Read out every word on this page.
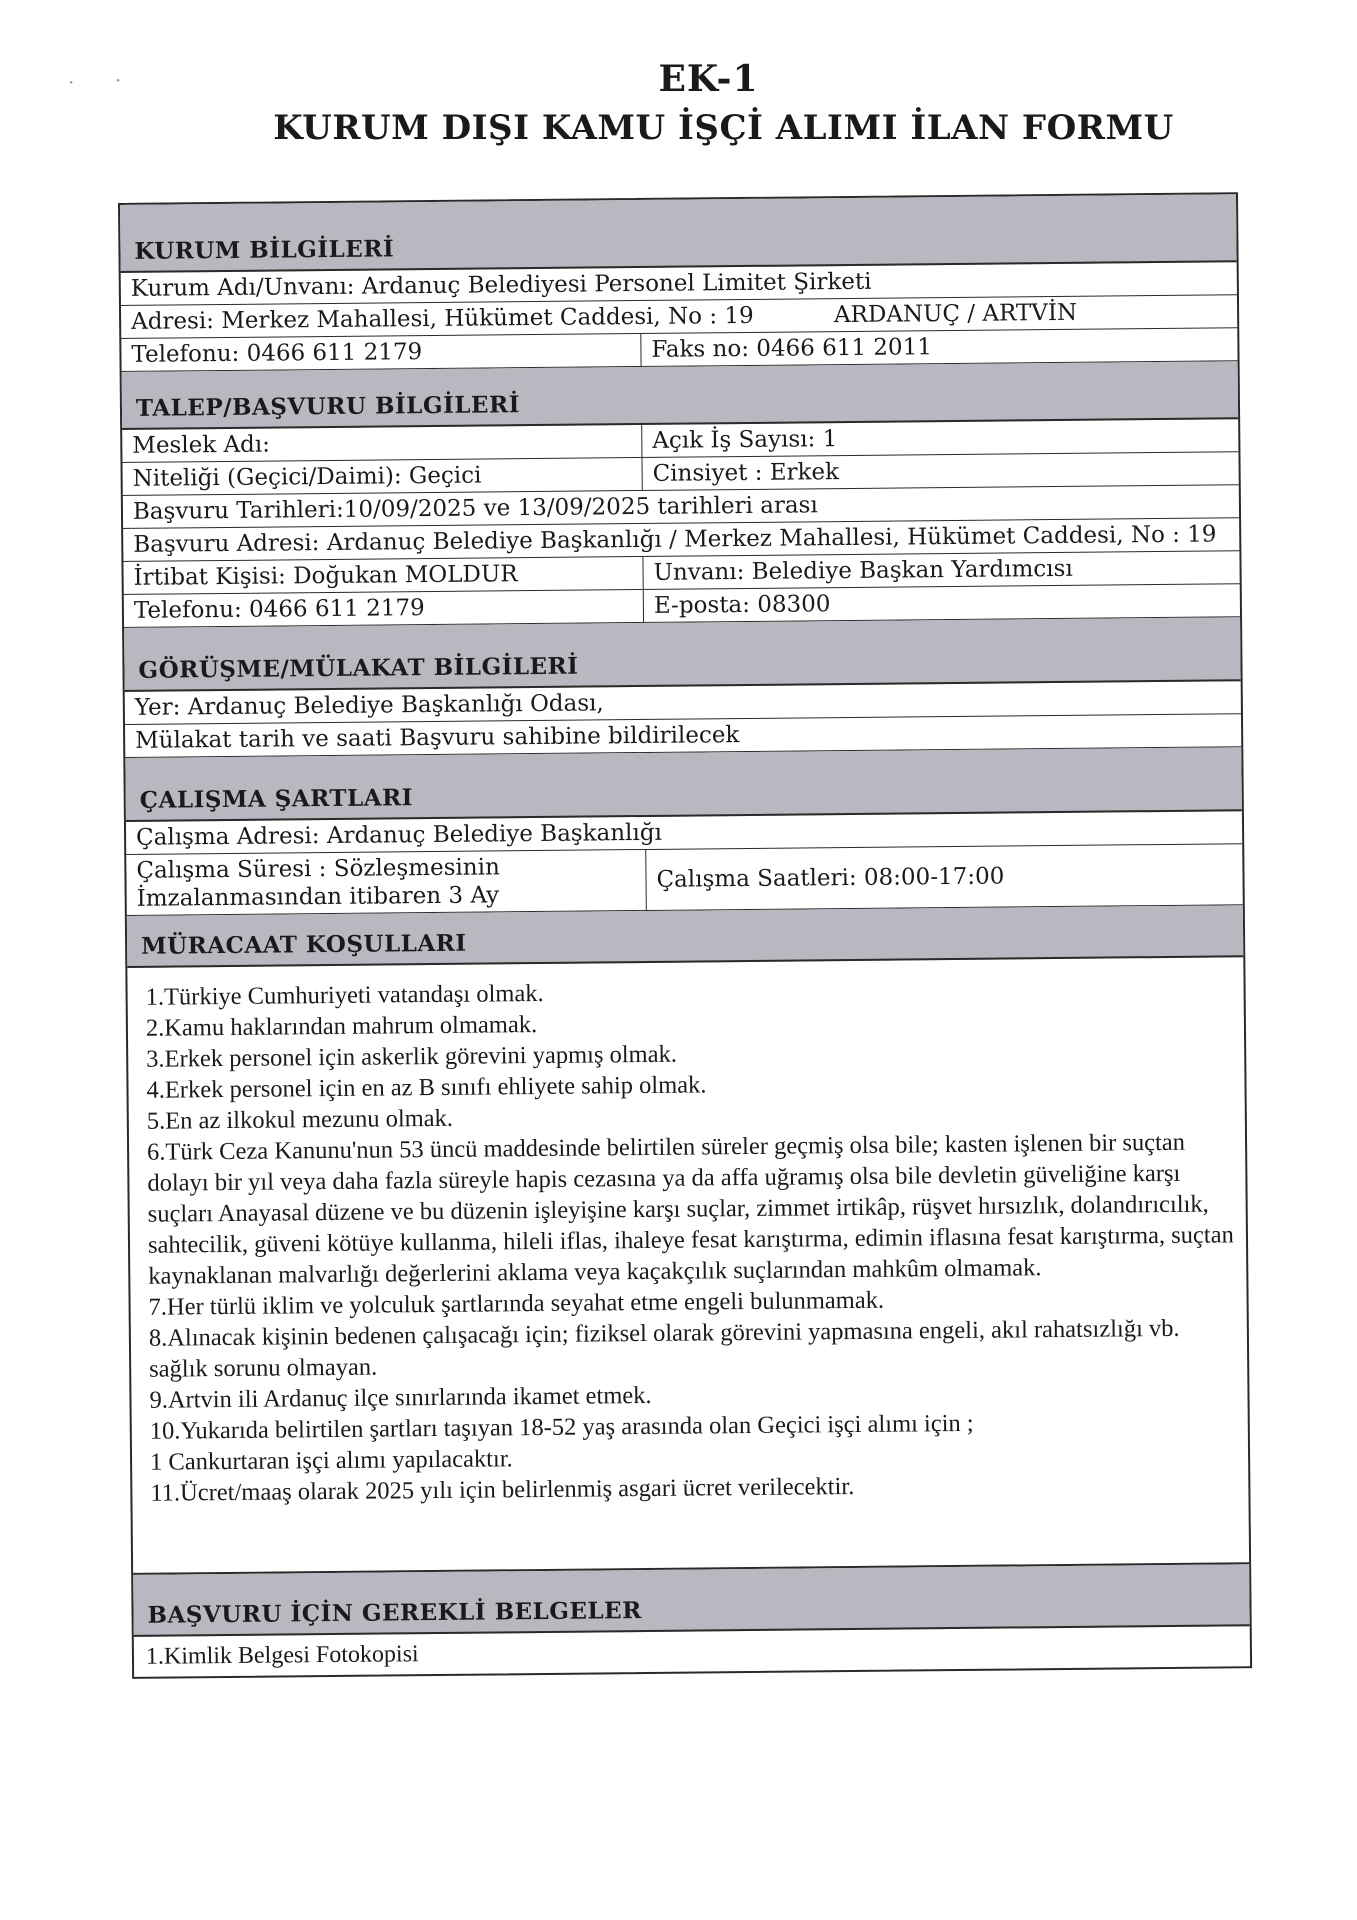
· ·	EK-1
KURUM DIŞI KAMU İŞÇİ ALIMI İLAN FORMU
KURUM BİLGİLERİ
Kurum Adı/Unvanı: Ardanuç Belediyesi Personel Limitet Şirketi
Adresi: Merkez Mahallesi, Hükümet Caddesi, No : 19	ARDANUÇ / ARTVİN
Telefonu: 0466 611 2179	Faks no: 0466 611 2011
TALEP/BAŞVURU BİLGİLERİ
Meslek Adı:	Açık İş Sayısı: 1
Niteliği (Geçici/Daimi): Geçici	Cinsiyet : Erkek
Başvuru Tarihleri:10/09/2025 ve 13/09/2025 tarihleri arası
Başvuru Adresi: Ardanuç Belediye Başkanlığı / Merkez Mahallesi, Hükümet Caddesi, No : 19
İrtibat Kişisi: Doğukan MOLDUR	Unvanı: Belediye Başkan Yardımcısı
Telefonu: 0466 611 2179	E-posta: 08300
GÖRÜŞME/MÜLAKAT BİLGİLERİ
Yer: Ardanuç Belediye Başkanlığı Odası,
Mülakat tarih ve saati Başvuru sahibine bildirilecek
ÇALIŞMA ŞARTLARI
Çalışma Adresi: Ardanuç Belediye Başkanlığı
Çalışma Süresi : Sözleşmesinin
İmzalanmasından itibaren 3 Ay
Çalışma Saatleri: 08:00-17:00
MÜRACAAT KOŞULLARI

1.Türkiye Cumhuriyeti vatandaşı olmak.

2.Kamu haklarından mahrum olmamak.

3.Erkek personel için askerlik görevini yapmış olmak.

4.Erkek personel için en az B sınıfı ehliyete sahip olmak.

5.En az ilkokul mezunu olmak.

6.Türk Ceza Kanunu'nun 53 üncü maddesinde belirtilen süreler geçmiş olsa bile; kasten işlenen bir suçtan dolayı bir yıl veya daha fazla süreyle hapis cezasına ya da affa uğramış olsa bile devletin güveliğine karşı suçları Anayasal düzene ve bu düzenin işleyişine karşı suçlar, zimmet irtikâp, rüşvet hırsızlık, dolandırıcılık, sahtecilik, güveni kötüye kullanma, hileli iflas, ihaleye fesat karıştırma, edimin iflasına fesat karıştırma, suçtan kaynaklanan malvarlığı değerlerini aklama veya kaçakçılık suçlarından mahkûm olmamak.

7.Her türlü iklim ve yolculuk şartlarında seyahat etme engeli bulunmamak.

8.Alınacak kişinin bedenen çalışacağı için; fiziksel olarak görevini yapmasına engeli, akıl rahatsızlığı vb. sağlık sorunu olmayan.

9.Artvin ili Ardanuç ilçe sınırlarında ikamet etmek.

10.Yukarıda belirtilen şartları taşıyan 18-52 yaş arasında olan Geçici işçi alımı için ;

1 Cankurtaran işçi alımı yapılacaktır.

11.Ücret/maaş olarak 2025 yılı için belirlenmiş asgari ücret verilecektir.

BAŞVURU İÇİN GEREKLİ BELGELER
1.Kimlik Belgesi Fotokopisi
